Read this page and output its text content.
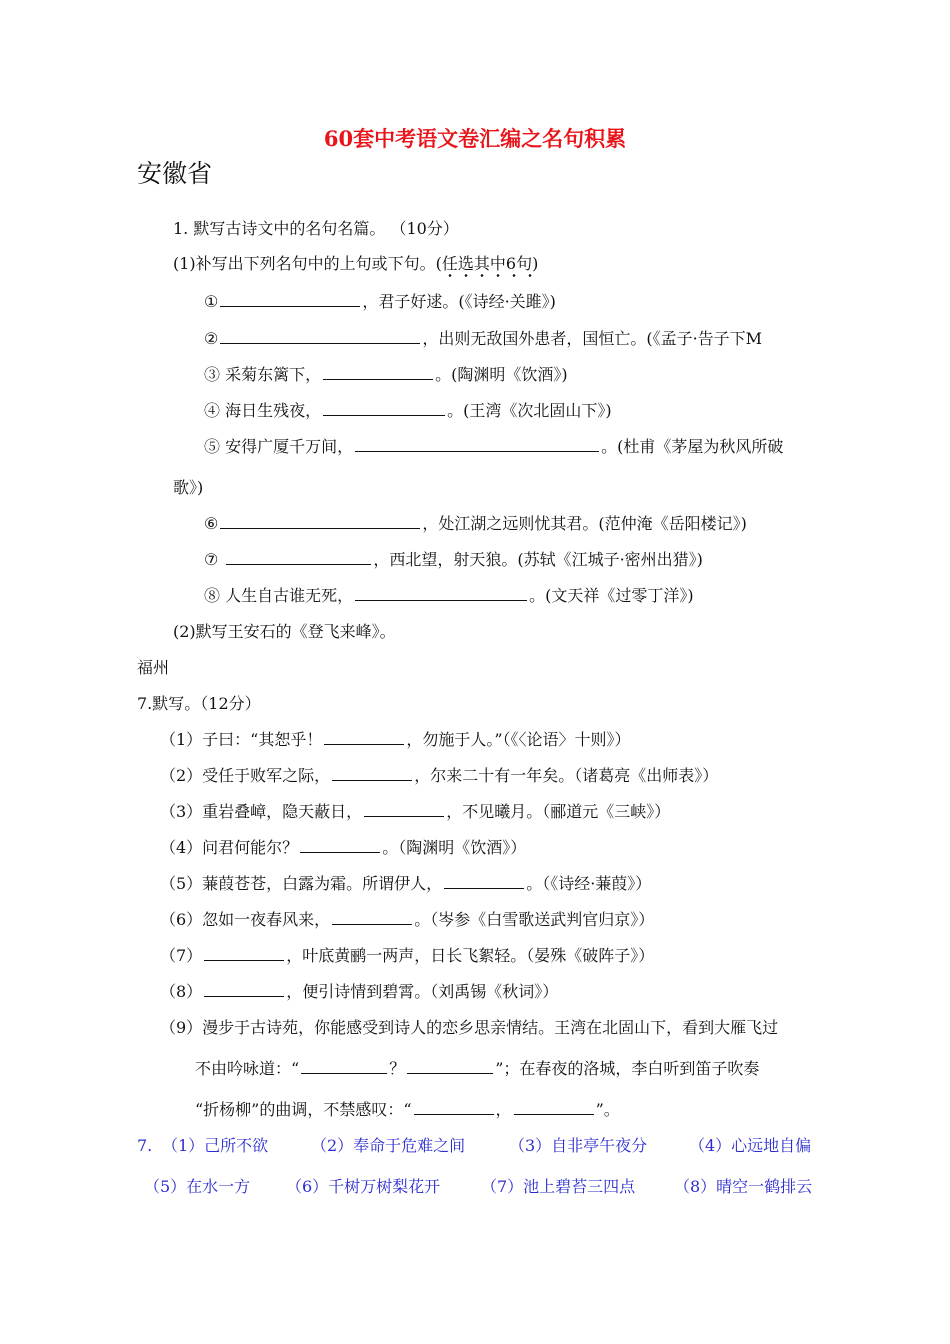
60套中考语文卷汇编之名句积累
安徽省
1. 默写古诗文中的名句名篇。 （10分）
(1)补写出下列名句中的上句或下句。(任选其中6句)
①	，君子好逑。(《诗经·关雎》)
②	，出则无敌国外患者，国恒亡。(《孟子·告子下M
③ 采菊东篱下，	。(陶渊明《饮酒》)
④ 海日生残夜，	。(王湾《次北固山下》)
⑤ 安得广厦千万间，	。(杜甫《茅屋为秋风所破
歌》)
⑥	，处江湖之远则忧其君。(范仲淹《岳阳楼记》)
⑦	，西北望，射天狼。(苏轼《江城子·密州出猎》)
⑧ 人生自古谁无死，	。(文天祥《过零丁洋》)
(2)默写王安石的《登飞来峰》。
福州
7.默写。（12分）
（1）子曰：“其恕乎！	，勿施于人。”（《〈论语〉十则》）
（2）受任于败军之际，	，尔来二十有一年矣。（诸葛亮《出师表》）
（3）重岩叠嶂，隐天蔽日，	，不见曦月。（郦道元《三峡》）
（4）问君何能尔？	。（陶渊明《饮酒》）
（5）蒹葭苍苍，白露为霜。所谓伊人，	。（《诗经·蒹葭》）
（6）忽如一夜春风来，	。（岑参《白雪歌送武判官归京》）
（7）	，叶底黄鹂一两声，日长飞絮轻。（晏殊《破阵子》）
（8）	，便引诗情到碧霄。（刘禹锡《秋词》）
（9）漫步于古诗苑，你能感受到诗人的恋乡思亲情结。王湾在北固山下，看到大雁飞过
不由吟咏道：“	？	”；在春夜的洛城，李白听到笛子吹奏
“折杨柳”的曲调，不禁感叹：“	，	”。
7. （1）己所不欲	（2）奉命于危难之间	（3）自非亭午夜分	（4）心远地自偏
（5）在水一方 （6）千树万树梨花开	（7）池上碧苔三四点 （8）晴空一鹤排云
